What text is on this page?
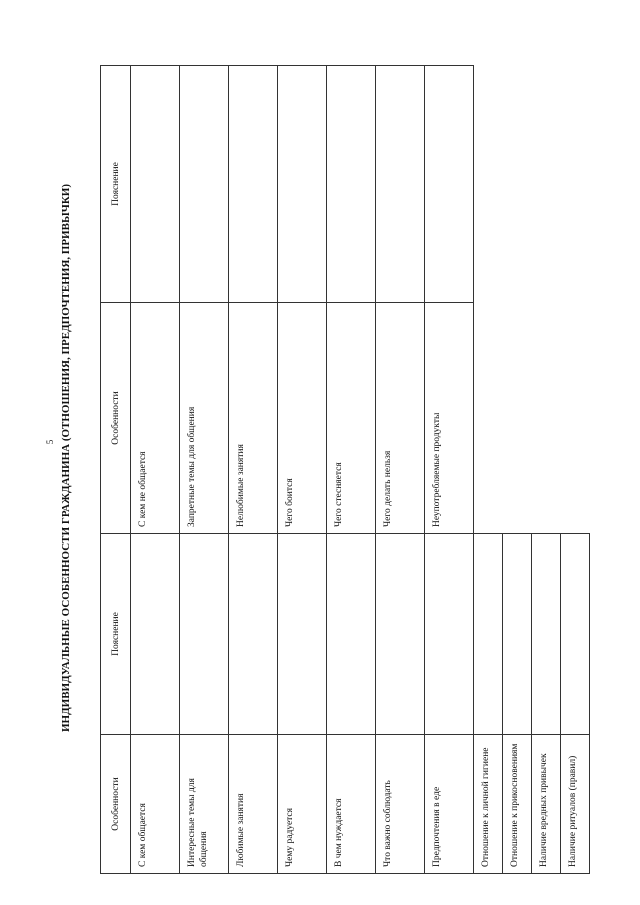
5 ИНДИВИДУАЛЬНЫЕ ОСОБЕННОСТИ ГРАЖДАНИНА (ОТНОШЕНИЯ, ПРЕДПОЧТЕНИЯ, ПРИВЫЧКИ)
Особенности	Пояснение	Особенности	Пояснение
С кем общается		С кем не общается	
Интересные темы для общения		Запретные темы для общения	
Любимые занятия		Нелюбимые занятия	
Чему радуется		Чего боится	
В чем нуждается		Чего стесняется	
Что важно соблюдать		Чего делать нельзя	
Предпочтения в еде		Неупотребляемые продукты	
Отношение к личной гигиене			
Отношение к прикосновениям			
Наличие вредных привычек			
Наличие ритуалов (правил)			
